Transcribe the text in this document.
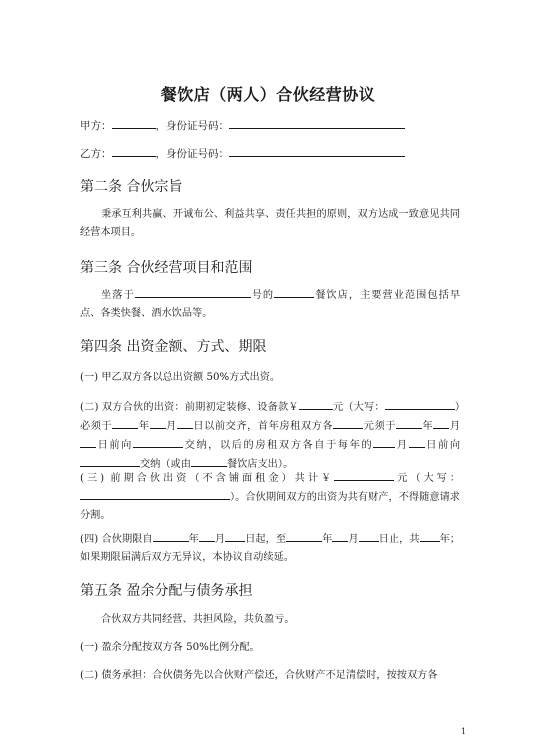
餐饮店（两人）合伙经营协议
甲方：	，身份证号码：
乙方：	，身份证号码：
第二条 合伙宗旨
秉承互利共赢、开诚布公、利益共享、责任共担的原则，双方达成一致意见共同经营本项目。
第三条 合伙经营项目和范围
坐落于	号的	餐饮店，主要营业范围包括早点、各类快餐、酒水饮品等。
第四条 出资金额、方式、期限
(一) 甲乙双方各以总出资额 50%方式出资。
(二) 双方合伙的出资：前期初定装修、设备款￥	元（大写：	）必须于	年 月 日以前交齐，首年房租双方各	元须于	年 月日前向	交纳，以后的房租双方各自于每年的 月 日前向交纳（或由	餐饮店支出）。
(三) 前期合伙出资（不含铺面租金）共计￥	元（大写：）。合伙期间双方的出资为共有财产，不得随意请求分割。
(四) 合伙期限自	年 月 日起，至	年 月 日止，共 年；如果期限届满后双方无异议，本协议自动续延。
第五条 盈余分配与债务承担
合伙双方共同经营、共担风险，共负盈亏。
(一) 盈余分配按双方各 50%比例分配。
(二) 债务承担：合伙债务先以合伙财产偿还，合伙财产不足清偿时，按按双方各
1
